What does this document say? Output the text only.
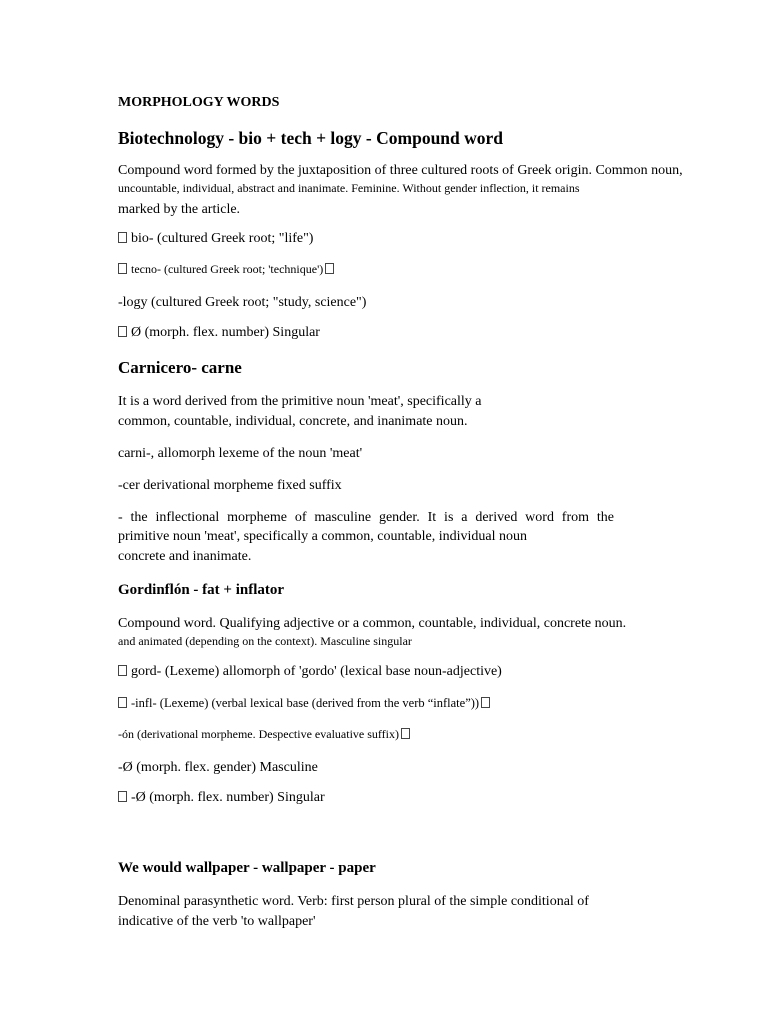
MORPHOLOGY WORDS
Biotechnology - bio + tech + logy - Compound word
Compound word formed by the juxtaposition of three cultured roots of Greek origin. Common noun,
uncountable, individual, abstract and inanimate. Feminine. Without gender inflection, it remains
marked by the article.
bio- (cultured Greek root; "life")
tecno- (cultured Greek root; 'technique')
-logy (cultured Greek root; "study, science")
Ø (morph. flex. number) Singular
Carnicero- carne
It is a word derived from the primitive noun 'meat', specifically a
common, countable, individual, concrete, and inanimate noun.
carni-, allomorph lexeme of the noun 'meat'
-cer derivational morpheme fixed suffix
- the inflectional morpheme of masculine gender. It is a derived word from the
primitive noun 'meat', specifically a common, countable, individual noun
concrete and inanimate.
Gordinflón - fat + inflator
Compound word. Qualifying adjective or a common, countable, individual, concrete noun.
and animated (depending on the context). Masculine singular
gord- (Lexeme) allomorph of 'gordo' (lexical base noun-adjective)
-infl- (Lexeme) (verbal lexical base (derived from the verb “inflate”))
-ón (derivational morpheme. Despective evaluative suffix)
-Ø (morph. flex. gender) Masculine
-Ø (morph. flex. number) Singular
We would wallpaper - wallpaper - paper
Denominal parasynthetic word. Verb: first person plural of the simple conditional of
indicative of the verb 'to wallpaper'
